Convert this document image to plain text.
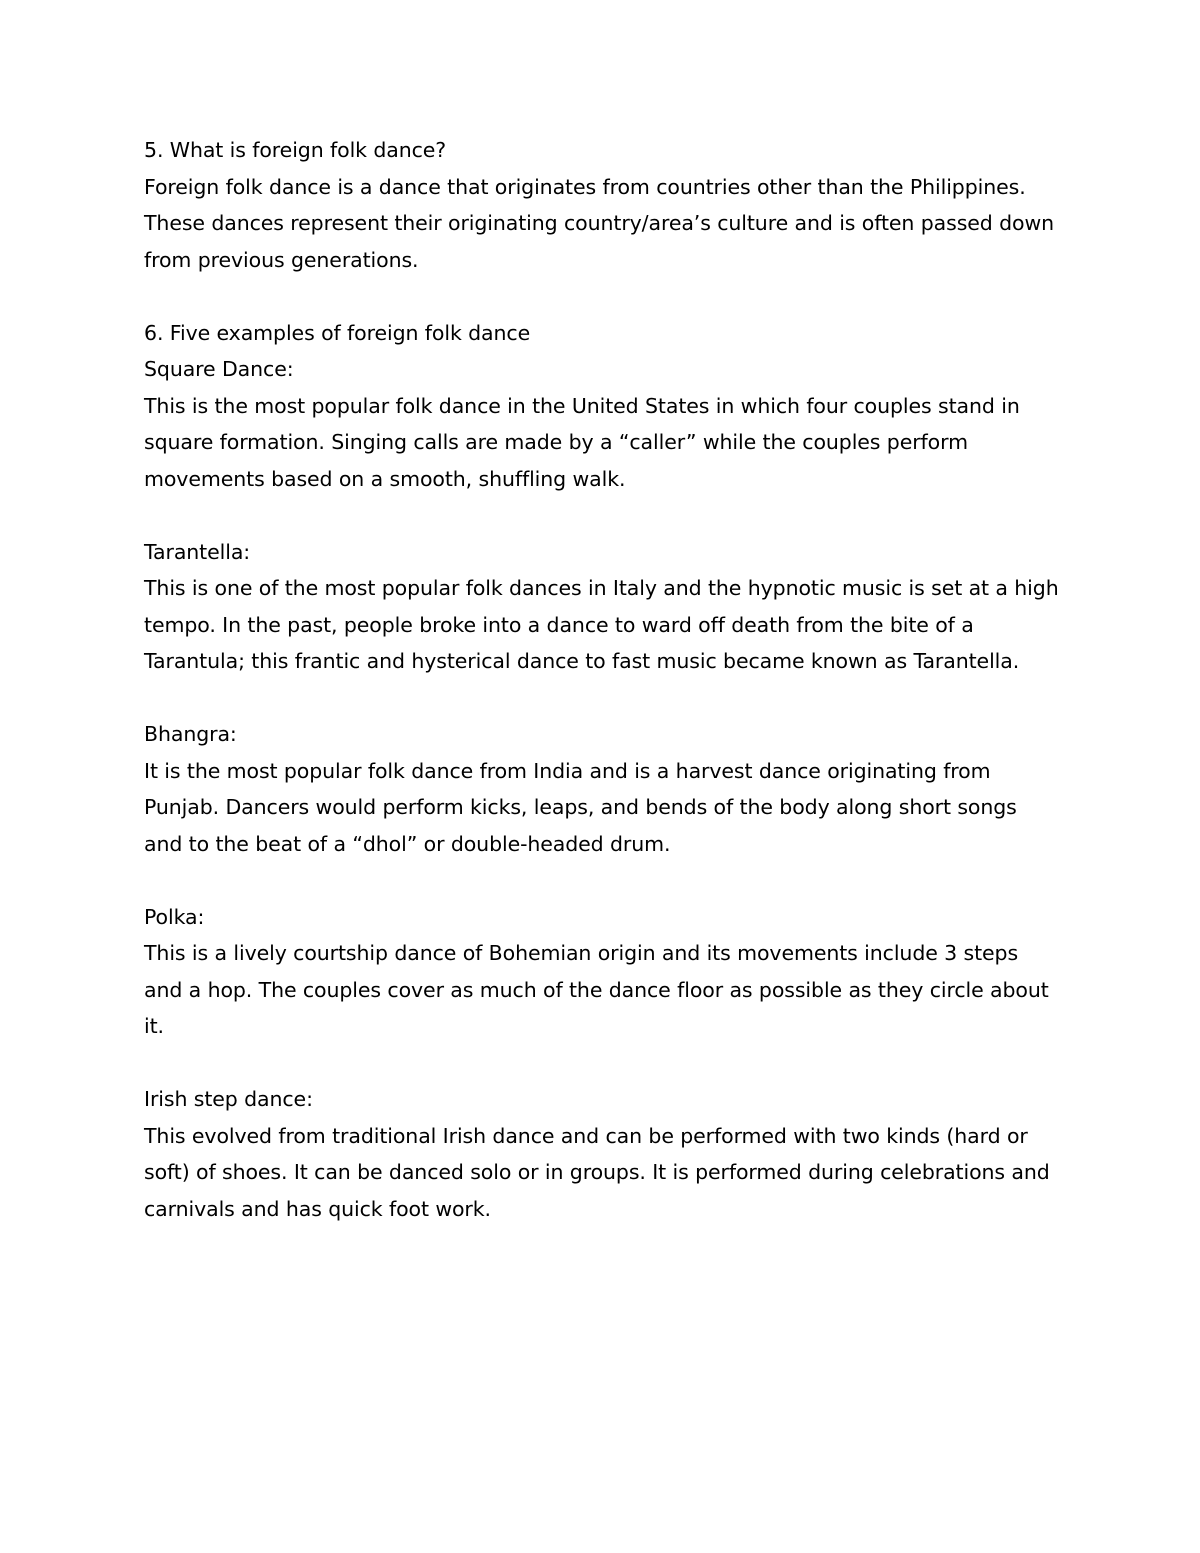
5. What is foreign folk dance?

Foreign folk dance is a dance that originates from countries other than the Philippines. These dances represent their originating country/area’s culture and is often passed down from previous generations.

6. Five examples of foreign folk dance

Square Dance:

This is the most popular folk dance in the United States in which four couples stand in square formation. Singing calls are made by a “caller” while the couples perform movements based on a smooth, shuffling walk.

Tarantella:

This is one of the most popular folk dances in Italy and the hypnotic music is set at a high tempo. In the past, people broke into a dance to ward off death from the bite of a Tarantula; this frantic and hysterical dance to fast music became known as Tarantella.

Bhangra:

It is the most popular folk dance from India and is a harvest dance originating from Punjab. Dancers would perform kicks, leaps, and bends of the body along short songs and to the beat of a “dhol” or double-headed drum.

Polka:

This is a lively courtship dance of Bohemian origin and its movements include 3 steps and a hop. The couples cover as much of the dance floor as possible as they circle about it.

Irish step dance:

This evolved from traditional Irish dance and can be performed with two kinds (hard or soft) of shoes. It can be danced solo or in groups. It is performed during celebrations and carnivals and has quick foot work.
